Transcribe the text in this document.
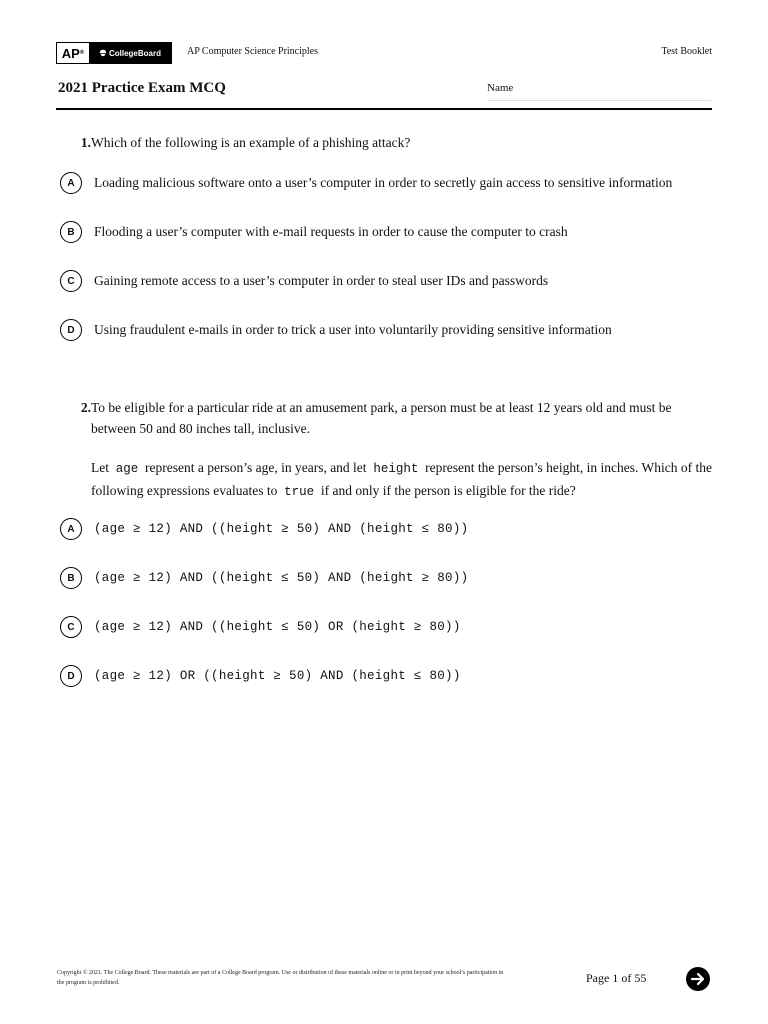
AP ®	CollegeBoard	AP Computer Science Principles	Test Booklet
2021 Practice Exam MCQ	Name
1. Which of the following is an example of a phishing attack?
A	Loading malicious software onto a user’s computer in order to secretly gain access to sensitive information
B	Flooding a user’s computer with e-mail requests in order to cause the computer to crash
C	Gaining remote access to a user’s computer in order to steal user IDs and passwords
D	Using fraudulent e-mails in order to trick a user into voluntarily providing sensitive information
2. To be eligible for a particular ride at an amusement park, a person must be at least 12 years old and must be between 50 and 80 inches tall, inclusive.
Let age represent a person’s age, in years, and let height represent the person’s height, in inches. Which of the following expressions evaluates to true if and only if the person is eligible for the ride?
A	(age ≥ 12) AND ((height ≥ 50) AND (height ≤ 80))
B	(age ≥ 12) AND ((height ≤ 50) AND (height ≥ 80))
C	(age ≥ 12) AND ((height ≤ 50) OR (height ≥ 80))
D	(age ≥ 12) OR ((height ≥ 50) AND (height ≤ 80))
Copyright © 2021. The College Board. These materials are part of a College Board program. Use or distribution of these materials online or in print beyond your school’s participation in the program is prohibited.	Page 1 of 55
